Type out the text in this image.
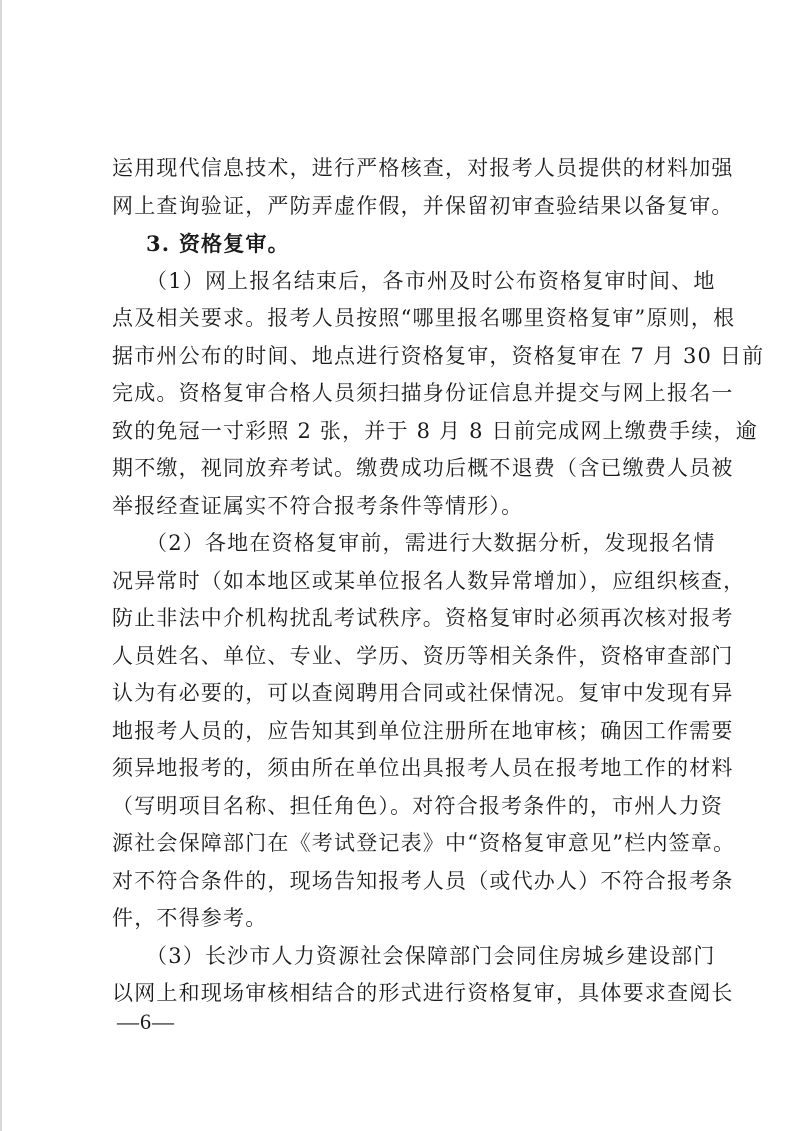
运用现代信息技术，进行严格核查，对报考人员提供的材料加强
网上查询验证，严防弄虚作假，并保留初审查验结果以备复审。
3. 资格复审。
（1）网上报名结束后，各市州及时公布资格复审时间、地
点及相关要求。报考人员按照“哪里报名哪里资格复审”原则，根
据市州公布的时间、地点进行资格复审，资格复审在 7 月 30 日前
完成。资格复审合格人员须扫描身份证信息并提交与网上报名一
致的免冠一寸彩照 2 张，并于 8 月 8 日前完成网上缴费手续，逾
期不缴，视同放弃考试。缴费成功后概不退费（含已缴费人员被
举报经查证属实不符合报考条件等情形）。
（2）各地在资格复审前，需进行大数据分析，发现报名情
况异常时（如本地区或某单位报名人数异常增加），应组织核查，
防止非法中介机构扰乱考试秩序。资格复审时必须再次核对报考
人员姓名、单位、专业、学历、资历等相关条件，资格审查部门
认为有必要的，可以查阅聘用合同或社保情况。复审中发现有异
地报考人员的，应告知其到单位注册所在地审核；确因工作需要
须异地报考的，须由所在单位出具报考人员在报考地工作的材料
（写明项目名称、担任角色）。对符合报考条件的，市州人力资
源社会保障部门在《考试登记表》中“资格复审意见”栏内签章。
对不符合条件的，现场告知报考人员（或代办人）不符合报考条
件，不得参考。
（3）长沙市人力资源社会保障部门会同住房城乡建设部门
以网上和现场审核相结合的形式进行资格复审，具体要求查阅长
—6—
